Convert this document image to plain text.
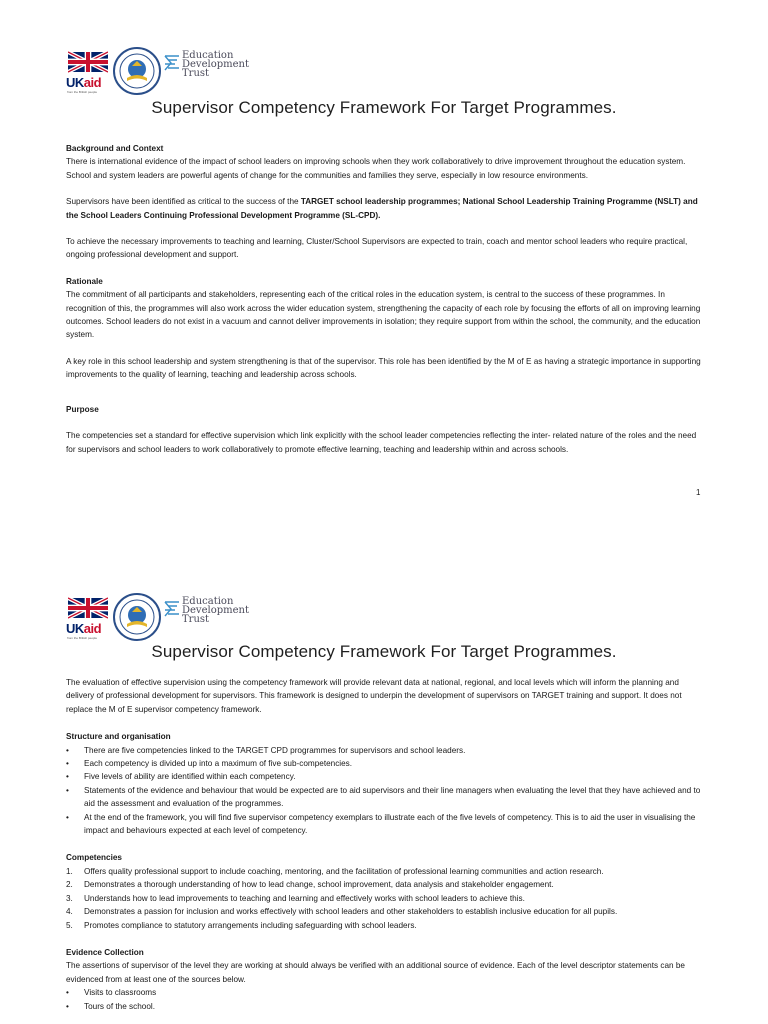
UKaid
from the British people
Education
Development
Trust
Supervisor Competency Framework For Target Programmes.

Background and Context

There is international evidence of the impact of school leaders on improving schools when they work collaboratively to drive improvement throughout the education system. School and system leaders are powerful agents of change for the communities and families they serve, especially in low resource environments.

Supervisors have been identified as critical to the success of the TARGET school leadership programmes; National School Leadership Training Programme (NSLT) and the School Leaders Continuing Professional Development Programme (SL-CPD).

To achieve the necessary improvements to teaching and learning, Cluster/School Supervisors are expected to train, coach and mentor school leaders who require practical, ongoing professional development and support.

Rationale

The commitment of all participants and stakeholders, representing each of the critical roles in the education system, is central to the success of these programmes. In recognition of this, the programmes will also work across the wider education system, strengthening the capacity of each role by focusing the efforts of all on improving learning outcomes. School leaders do not exist in a vacuum and cannot deliver improvements in isolation; they require support from within the school, the community, and the education system.

A key role in this school leadership and system strengthening is that of the supervisor. This role has been identified by the M of E as having a strategic importance in supporting improvements to the quality of learning, teaching and leadership across schools.

Purpose

The competencies set a standard for effective supervision which link explicitly with the school leader competencies reflecting the inter- related nature of the roles and the need for supervisors and school leaders to work collaboratively to promote effective learning, teaching and leadership within and across schools.

1
UKaid
from the British people
Education
Development
Trust
Supervisor Competency Framework For Target Programmes.

The evaluation of effective supervision using the competency framework will provide relevant data at national, regional, and local levels which will inform the planning and delivery of professional development for supervisors. This framework is designed to underpin the development of supervisors on TARGET training and support. It does not replace the M of E supervisor competency framework.

Structure and organisation

• There are five competencies linked to the TARGET CPD programmes for supervisors and school leaders.
• Each competency is divided up into a maximum of five sub-competencies.
• Five levels of ability are identified within each competency.
• Statements of the evidence and behaviour that would be expected are to aid supervisors and their line managers when evaluating the level that they have achieved and to aid the assessment and evaluation of the programmes.
• At the end of the framework, you will find five supervisor competency exemplars to illustrate each of the five levels of competency. This is to aid the user in visualising the impact and behaviours expected at each level of competency.

Competencies

1. Offers quality professional support to include coaching, mentoring, and the facilitation of professional learning communities and action research.
2. Demonstrates a thorough understanding of how to lead change, school improvement, data analysis and stakeholder engagement.
3. Understands how to lead improvements to teaching and learning and effectively works with school leaders to achieve this.
4. Demonstrates a passion for inclusion and works effectively with school leaders and other stakeholders to establish inclusive education for all pupils.
5. Promotes compliance to statutory arrangements including safeguarding with school leaders.

Evidence Collection

The assertions of supervisor of the level they are working at should always be verified with an additional source of evidence. Each of the level descriptor statements can be evidenced from at least one of the sources below.

• Visits to classrooms
• Tours of the school.
